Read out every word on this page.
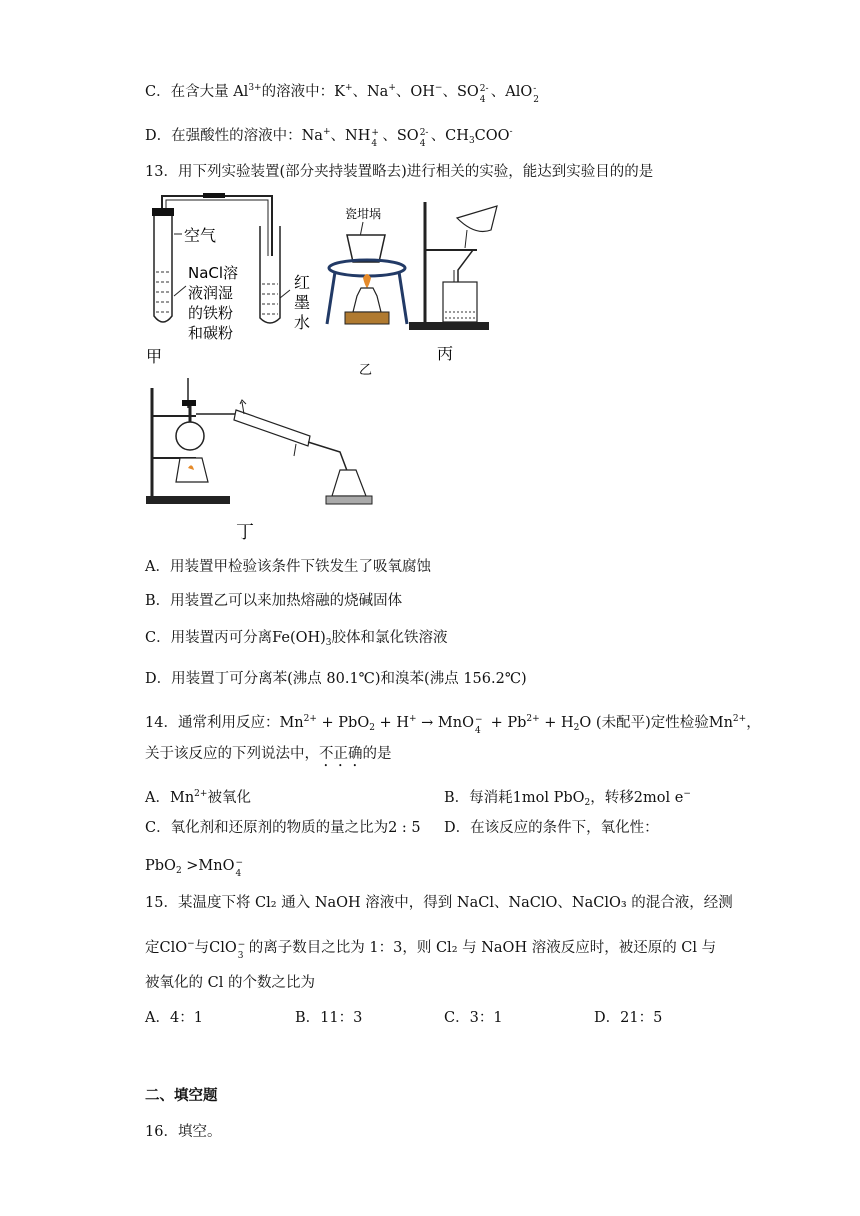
C．在含大量 $Al^{3+}$的溶液中：K+、Na+、OH−、SO 2-
4 、AlO -
2
D．在强酸性的溶液中：Na+、NH +
4 、SO 2-
4 、$CH_3COO^-$
13．用下列实验装置(部分夹持装置略去)进行相关的实验，能达到实验目的的是
空气
NaCl溶
液润湿
的铁粉
和碳粉
红
墨
水
甲
瓷坩埚
乙
丙
丁
A．用装置甲检验该条件下铁发生了吸氧腐蚀
B．用装置乙可以来加热熔融的烧碱固体
C．用装置丙可分离$Fe(OH)_3$胶体和氯化铁溶液
D．用装置丁可分离苯(沸点 80.1℃)和溴苯(沸点 156.2℃)
14．通常利用反应：$Mn^{2+} + PbO_2 + H^+$ → MnO −
$4 + Pb^{2+} + H_2O$ (未配平)定性检验$Mn^{2+}$，
关于该反应的下列说法中，不正确的是
A．$Mn^{2+}$被氧化	B．每消耗1mol PbO$_2$，转移2mol e−
C．氧化剂和还原剂的物质的量之比为2 : 5 D．在该反应的条件下，氧化性：
PbO$_2$ >MnO −
4
15．某温度下将 Cl₂ 通入 NaOH 溶液中，得到 NaCl、NaClO、NaClO₃ 的混合液，经测
定ClO−与ClO −
3 的离子数目之比为 1：3，则 Cl₂ 与 NaOH 溶液反应时，被还原的 Cl 与
被氧化的 Cl 的个数之比为
A．4：1	B．11：3	C．3：1	D．21：5
二、填空题
16．填空。
